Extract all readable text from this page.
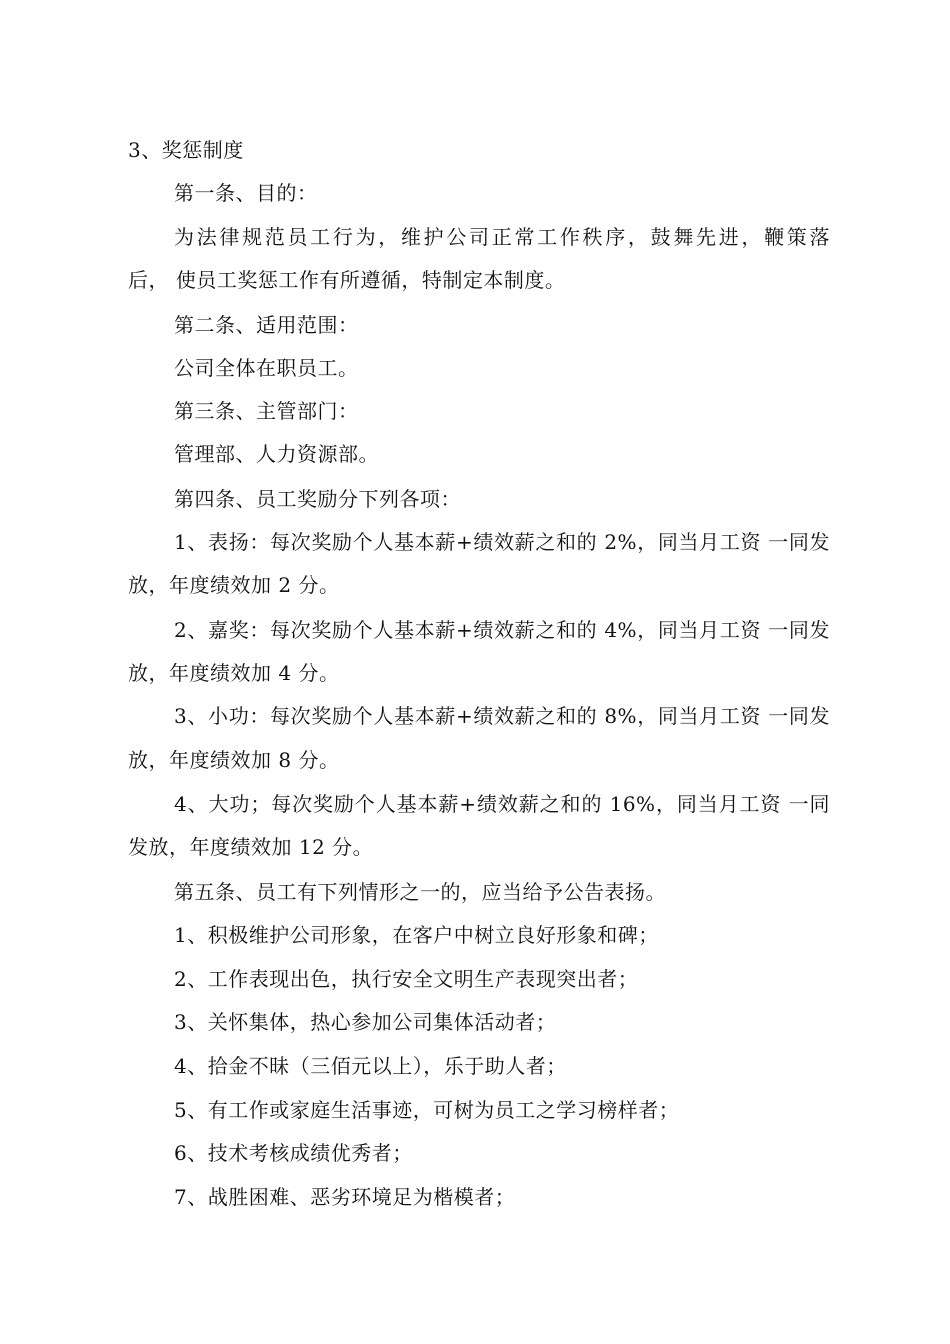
3、奖惩制度
第一条、目的：
为法律规范员工行为，维护公司正常工作秩序，鼓舞先进，鞭策落
后， 使员工奖惩工作有所遵循，特制定本制度。
第二条、适用范围：
公司全体在职员工。
第三条、主管部门：
管理部、人力资源部。
第四条、员工奖励分下列各项：
1、表扬：每次奖励个人基本薪+绩效薪之和的 2%，同当月工资 一同发
放，年度绩效加 2 分。
2、嘉奖：每次奖励个人基本薪+绩效薪之和的 4%，同当月工资 一同发
放，年度绩效加 4 分。
3、小功：每次奖励个人基本薪+绩效薪之和的 8%，同当月工资 一同发
放，年度绩效加 8 分。
4、大功；每次奖励个人基本薪+绩效薪之和的 16%，同当月工资 一同
发放，年度绩效加 12 分。
第五条、员工有下列情形之一的，应当给予公告表扬。
1、积极维护公司形象，在客户中树立良好形象和碑；
2、工作表现出色，执行安全文明生产表现突出者；
3、关怀集体，热心参加公司集体活动者；
4、拾金不昧（三佰元以上），乐于助人者；
5、有工作或家庭生活事迹，可树为员工之学习榜样者；
6、技术考核成绩优秀者；
7、战胜困难、恶劣环境足为楷模者；
